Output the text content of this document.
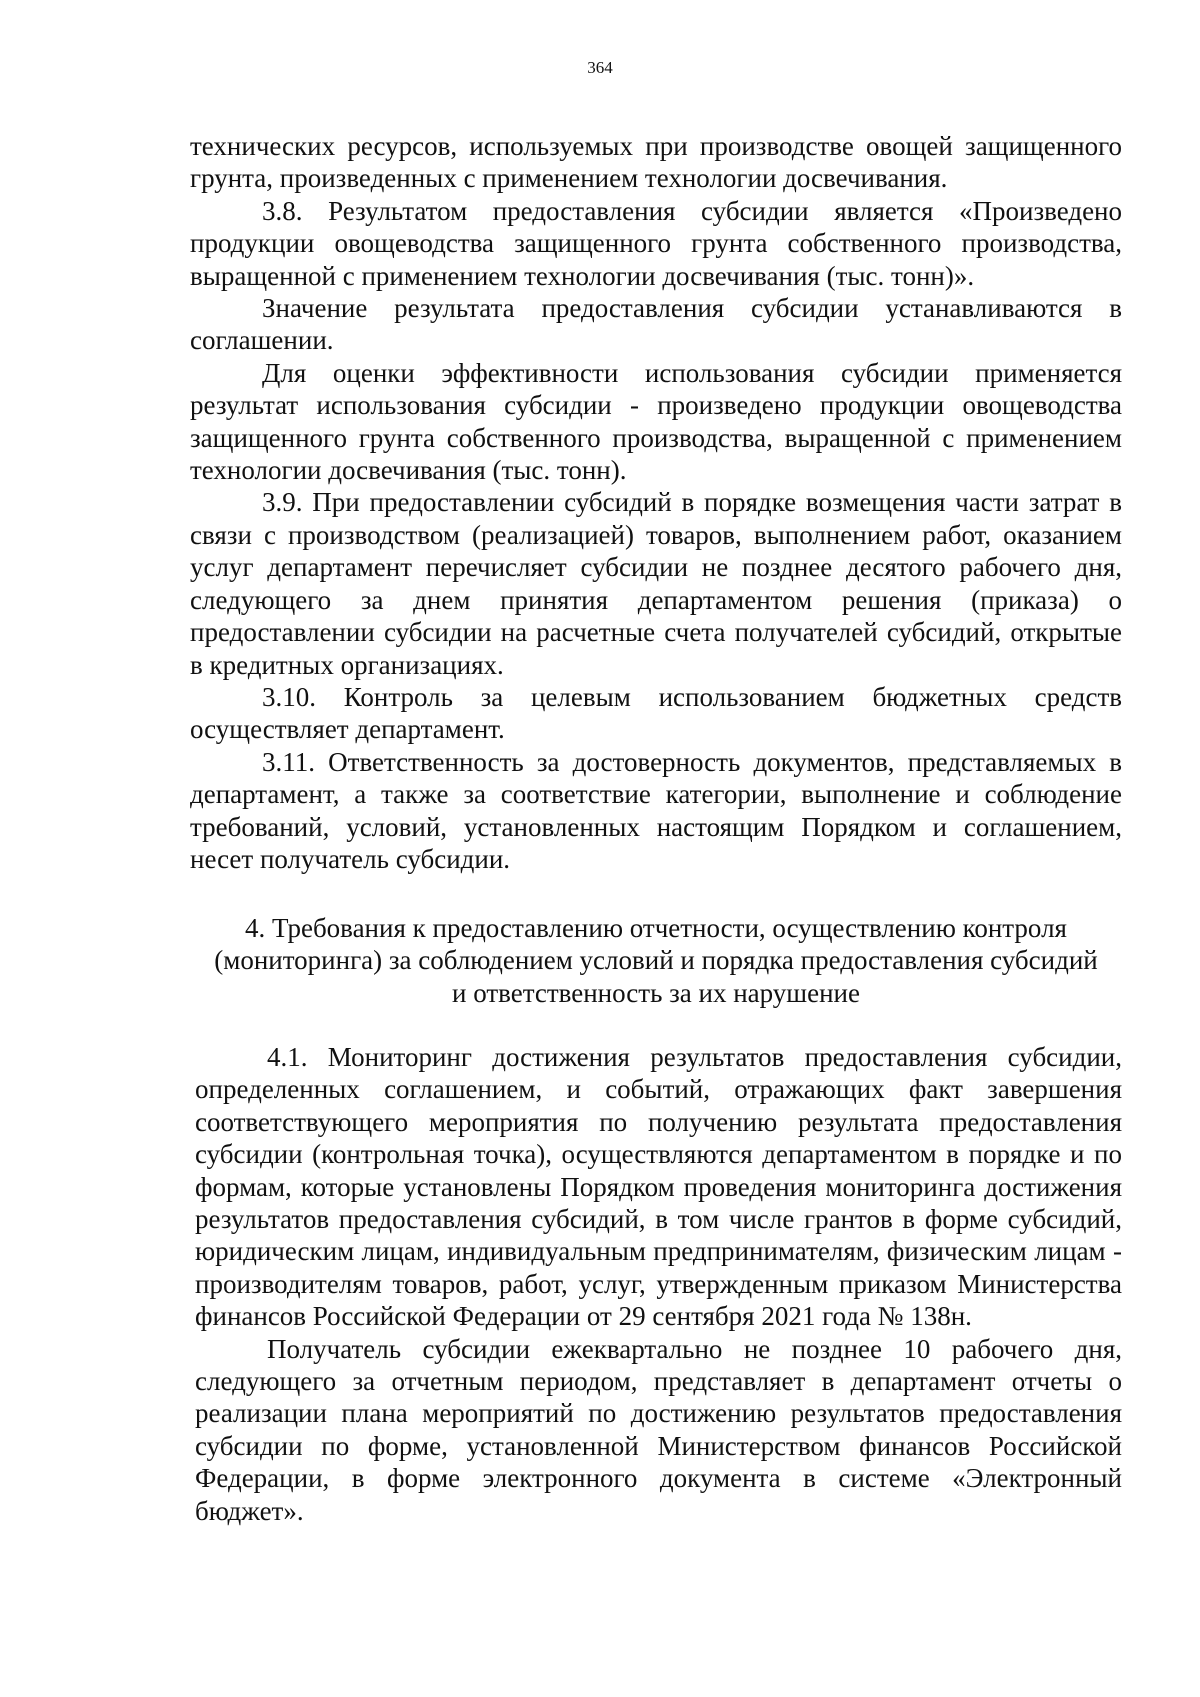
364

технических ресурсов, используемых при производстве овощей защищенного грунта, произведенных с применением технологии досвечивания.

3.8. Результатом предоставления субсидии является «Произведено продукции овощеводства защищенного грунта собственного производства, выращенной с применением технологии досвечивания (тыс. тонн)».

Значение результата предоставления субсидии устанавливаются в соглашении.

Для оценки эффективности использования субсидии применяется результат использования субсидии - произведено продукции овощеводства защищенного грунта собственного производства, выращенной с применением технологии досвечивания (тыс. тонн).

3.9. При предоставлении субсидий в порядке возмещения части затрат в связи с производством (реализацией) товаров, выполнением работ, оказанием услуг департамент перечисляет субсидии не позднее десятого рабочего дня, следующего за днем принятия департаментом решения (приказа) о предоставлении субсидии на расчетные счета получателей субсидий, открытые в кредитных организациях.

3.10. Контроль за целевым использованием бюджетных средств осуществляет департамент.

3.11. Ответственность за достоверность документов, представляемых в департамент, а также за соответствие категории, выполнение и соблюдение требований, условий, установленных настоящим Порядком и соглашением, несет получатель субсидии.

4. Требования к предоставлению отчетности, осуществлению контроля
(мониторинга) за соблюдением условий и порядка предоставления субсидий
и ответственность за их нарушение

4.1. Мониторинг достижения результатов предоставления субсидии, определенных соглашением, и событий, отражающих факт завершения соответствующего мероприятия по получению результата предоставления субсидии (контрольная точка), осуществляются департаментом в порядке и по формам, которые установлены Порядком проведения мониторинга достижения результатов предоставления субсидий, в том числе грантов в форме субсидий, юридическим лицам, индивидуальным предпринимателям, физическим лицам - производителям товаров, работ, услуг, утвержденным приказом Министерства финансов Российской Федерации от 29 сентября 2021 года № 138н.

Получатель субсидии ежеквартально не позднее 10 рабочего дня, следующего за отчетным периодом, представляет в департамент отчеты о реализации плана мероприятий по достижению результатов предоставления субсидии по форме, установленной Министерством финансов Российской Федерации, в форме электронного документа в системе «Электронный бюджет».
